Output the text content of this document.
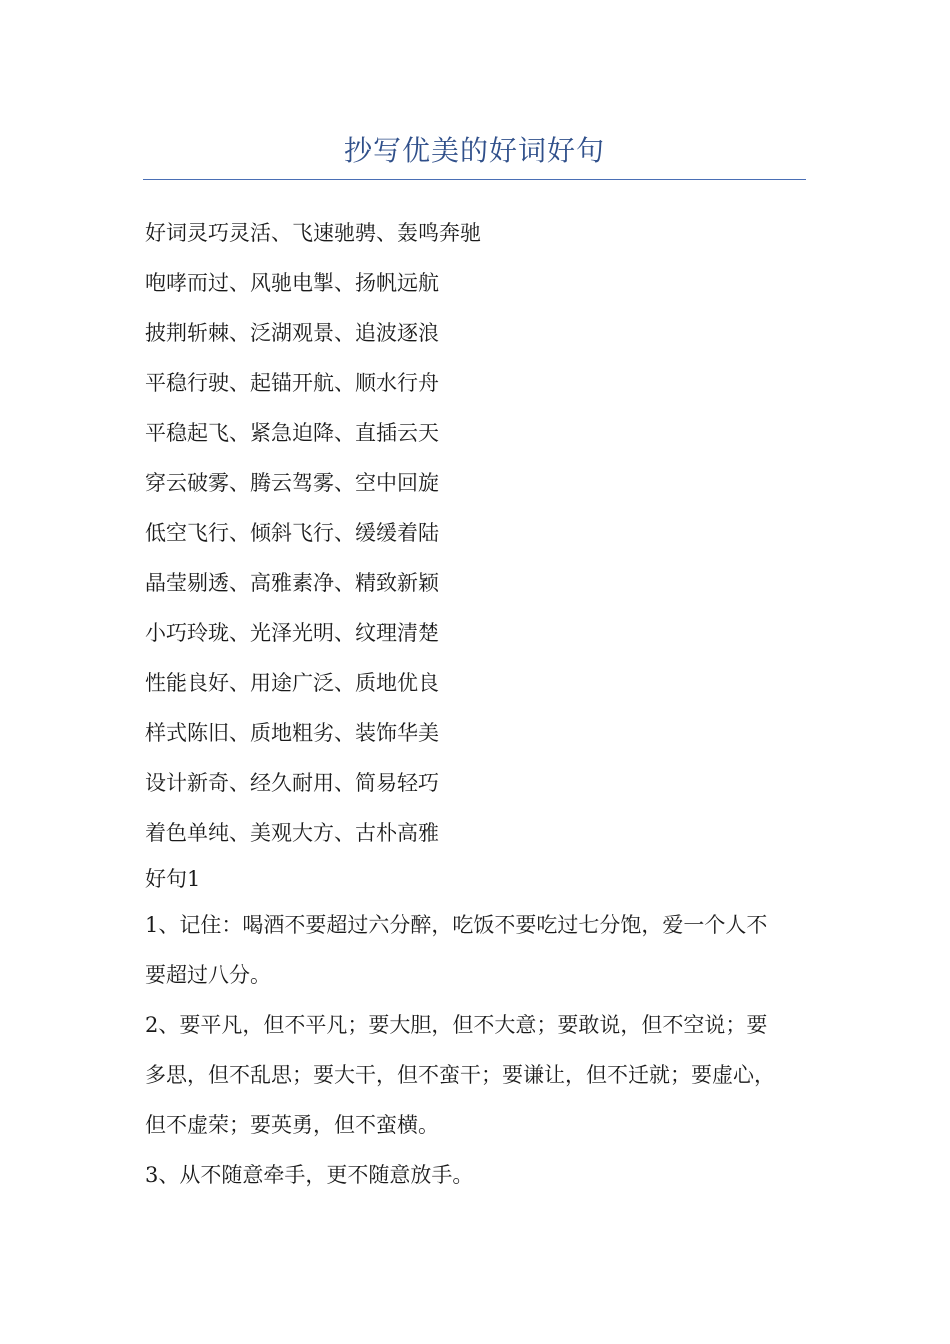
抄写优美的好词好句
好词灵巧灵活、飞速驰骋、轰鸣奔驰
咆哮而过、风驰电掣、扬帆远航
披荆斩棘、泛湖观景、追波逐浪
平稳行驶、起锚开航、顺水行舟
平稳起飞、紧急迫降、直插云天
穿云破雾、腾云驾雾、空中回旋
低空飞行、倾斜飞行、缓缓着陆
晶莹剔透、高雅素净、精致新颖
小巧玲珑、光泽光明、纹理清楚
性能良好、用途广泛、质地优良
样式陈旧、质地粗劣、装饰华美
设计新奇、经久耐用、简易轻巧
着色单纯、美观大方、古朴高雅
好句1
1、记住：喝酒不要超过六分醉，吃饭不要吃过七分饱，爱一个人不
要超过八分。
2、要平凡，但不平凡；要大胆，但不大意；要敢说，但不空说；要
多思，但不乱思；要大干，但不蛮干；要谦让，但不迁就；要虚心，
但不虚荣；要英勇，但不蛮横。
3、从不随意牵手，更不随意放手。
